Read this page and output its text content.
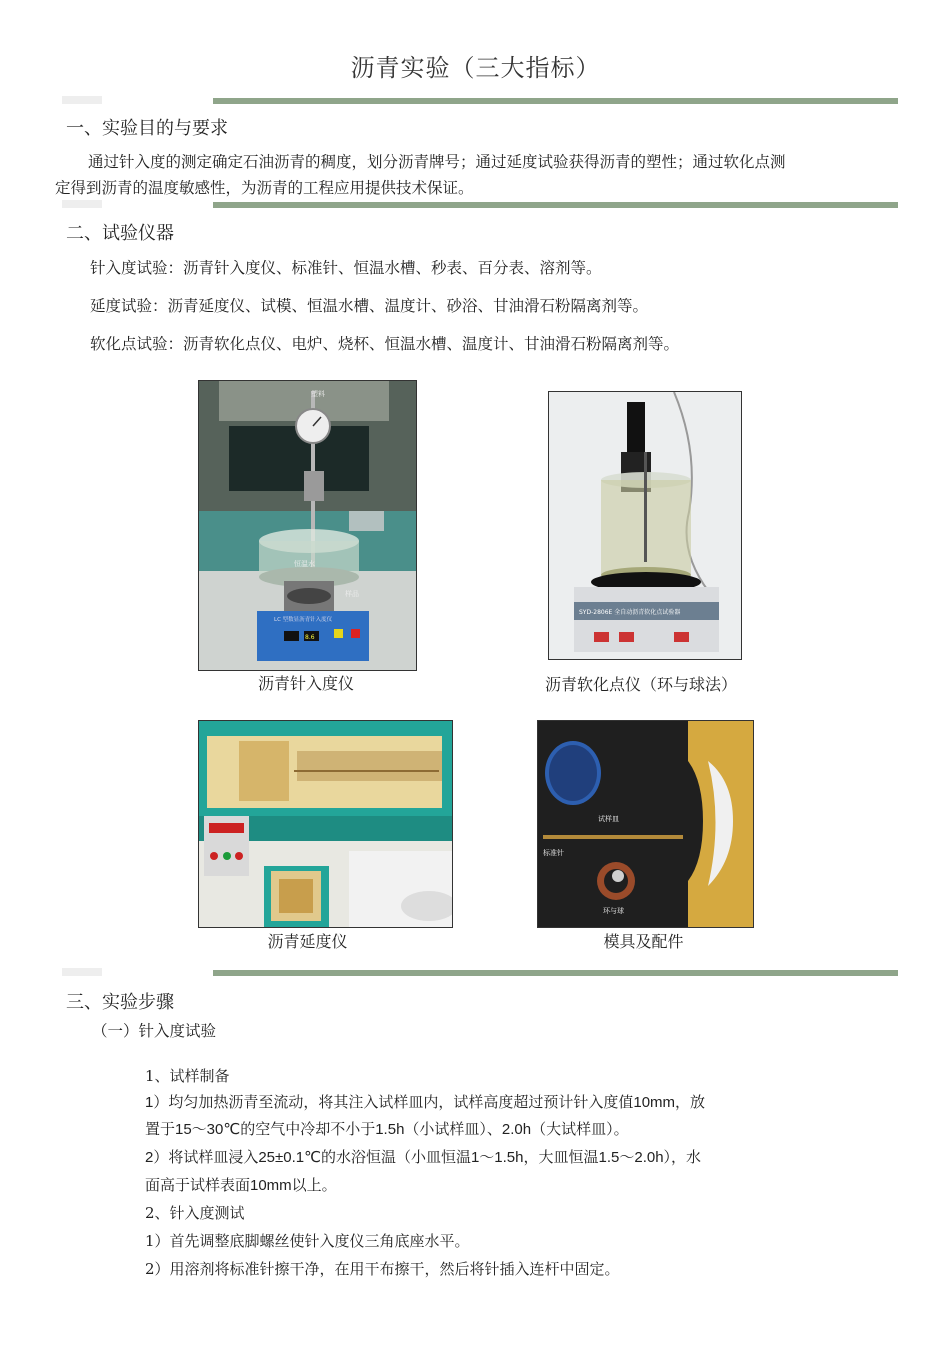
沥青实验（三大指标）
一、实验目的与要求
通过针入度的测定确定石油沥青的稠度，划分沥青牌号；通过延度试验获得沥青的塑性；通过软化点测
定得到沥青的温度敏感性，为沥青的工程应用提供技术保证。
二、试验仪器
针入度试验：沥青针入度仪、标准针、恒温水槽、秒表、百分表、溶剂等。
延度试验：沥青延度仪、试模、恒温水槽、温度计、砂浴、甘油滑石粉隔离剂等。
软化点试验：沥青软化点仪、电炉、烧杯、恒温水槽、温度计、甘油滑石粉隔离剂等。
塑料
恒温水
样品
LC 型数显沥青针入度仪
8.6
沥青针入度仪
SYD-2806E 全自动沥青软化点试验器
沥青软化点仪（环与球法）
沥青延度仪
试样皿
标准针
环与球
模具及配件
三、实验步骤
（一）针入度试验
1、试样制备
1）均匀加热沥青至流动，将其注入试样皿内，试样高度超过预计针入度值10mm，放
置于15～30℃的空气中冷却不小于1.5h（小试样皿）、2.0h（大试样皿）。
2）将试样皿浸入25±0.1℃的水浴恒温（小皿恒温1～1.5h，大皿恒温1.5～2.0h），水
面高于试样表面10mm以上。
2、针入度测试
1）首先调整底脚螺丝使针入度仪三角底座水平。
2）用溶剂将标准针擦干净，在用干布擦干，然后将针插入连杆中固定。
